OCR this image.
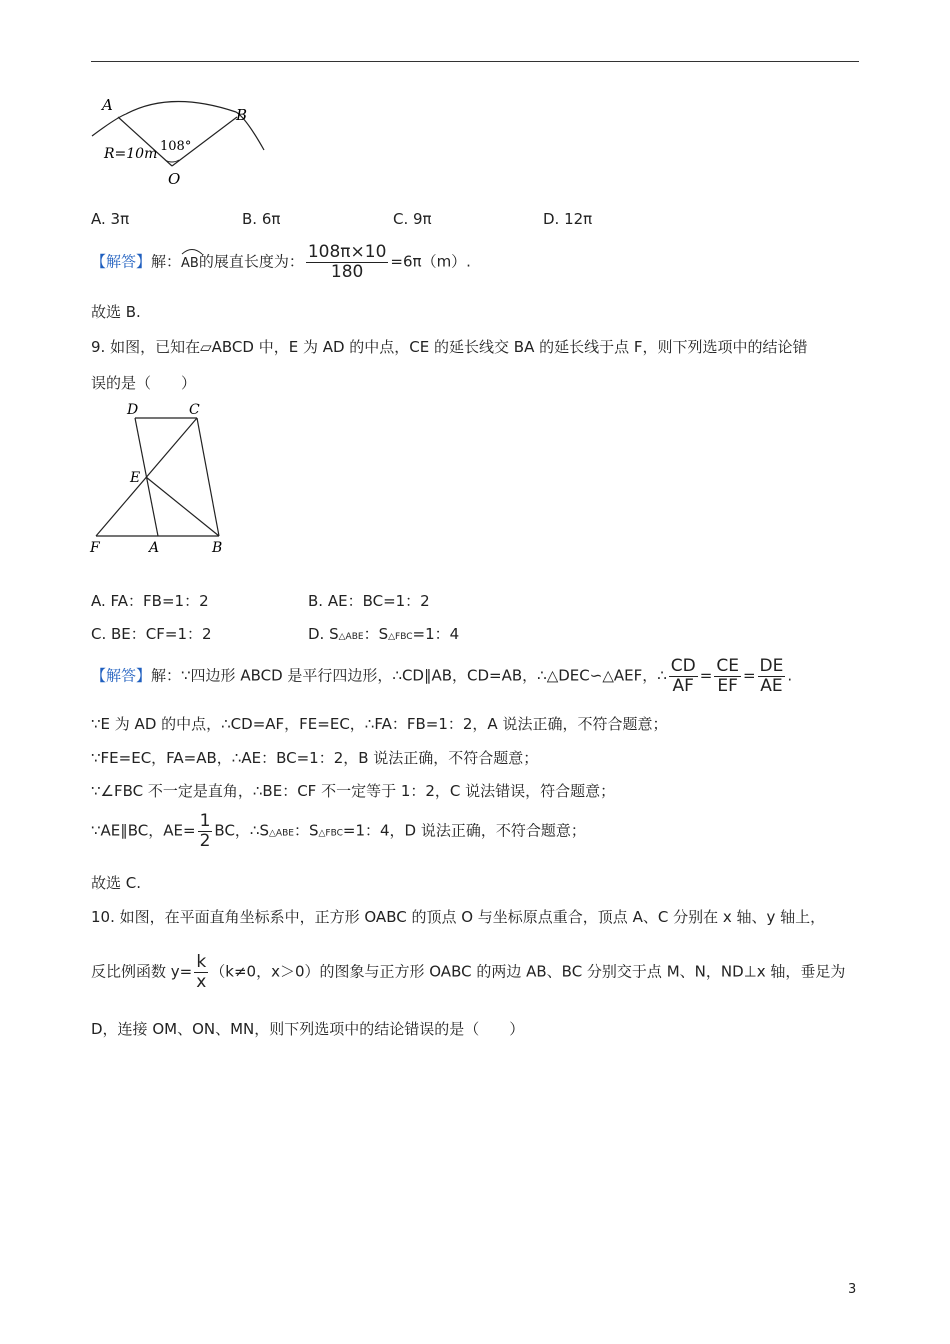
A
B
O
108°
R=10m
A. 3π	B. 6π	C. 9π	D. 12π
【解答】解：
AB的展直长度为： $\frac{108\pi\times 10}{180} =6\pi(m)$.
故选 B.
9. 如图，已知在▱ABCD 中，E 为 AD 的中点，CE 的延长线交 BA 的延长线于点 F，则下列选项中的结论错
误的是（　　）
D	C
E
F	A	B
A. FA：FB=1：2	B. AE：BC=1：2
C. BE：CF=1：2	D. S△ABE：S△FBC=1：4
【解答】解：∵四边形 ABCD 是平行四边形，∴CD∥AB，CD=AB，∴△DEC∽△AEF，∴ $\frac{CD}{AF} = \frac{CE}{EF} = \frac{DE}{AE}$ .
∵E 为 AD 的中点，∴CD=AF，FE=EC，∴FA：FB=1：2，A 说法正确，不符合题意；
∵FE=EC，FA=AB，∴AE：BC=1：2，B 说法正确，不符合题意；
∵∠FBC 不一定是直角，∴BE：CF 不一定等于 1：2，C 说法错误，符合题意；
∵AE∥BC，$AE= \frac{1}{2}$ BC，∴S△ABE：S△FBC=1：4，D 说法正确，不符合题意；
故选 C.
10. 如图，在平面直角坐标系中，正方形 OABC 的顶点 O 与坐标原点重合，顶点 A、C 分别在 x 轴、y 轴上，
反比例函数 $y= \frac{k}{x} (k\ne 0$，x＞0）的图象与正方形 OABC 的两边 AB、BC 分别交于点 M、N，ND⊥x 轴，垂足为
D，连接 OM、ON、MN，则下列选项中的结论错误的是（　　）
3
